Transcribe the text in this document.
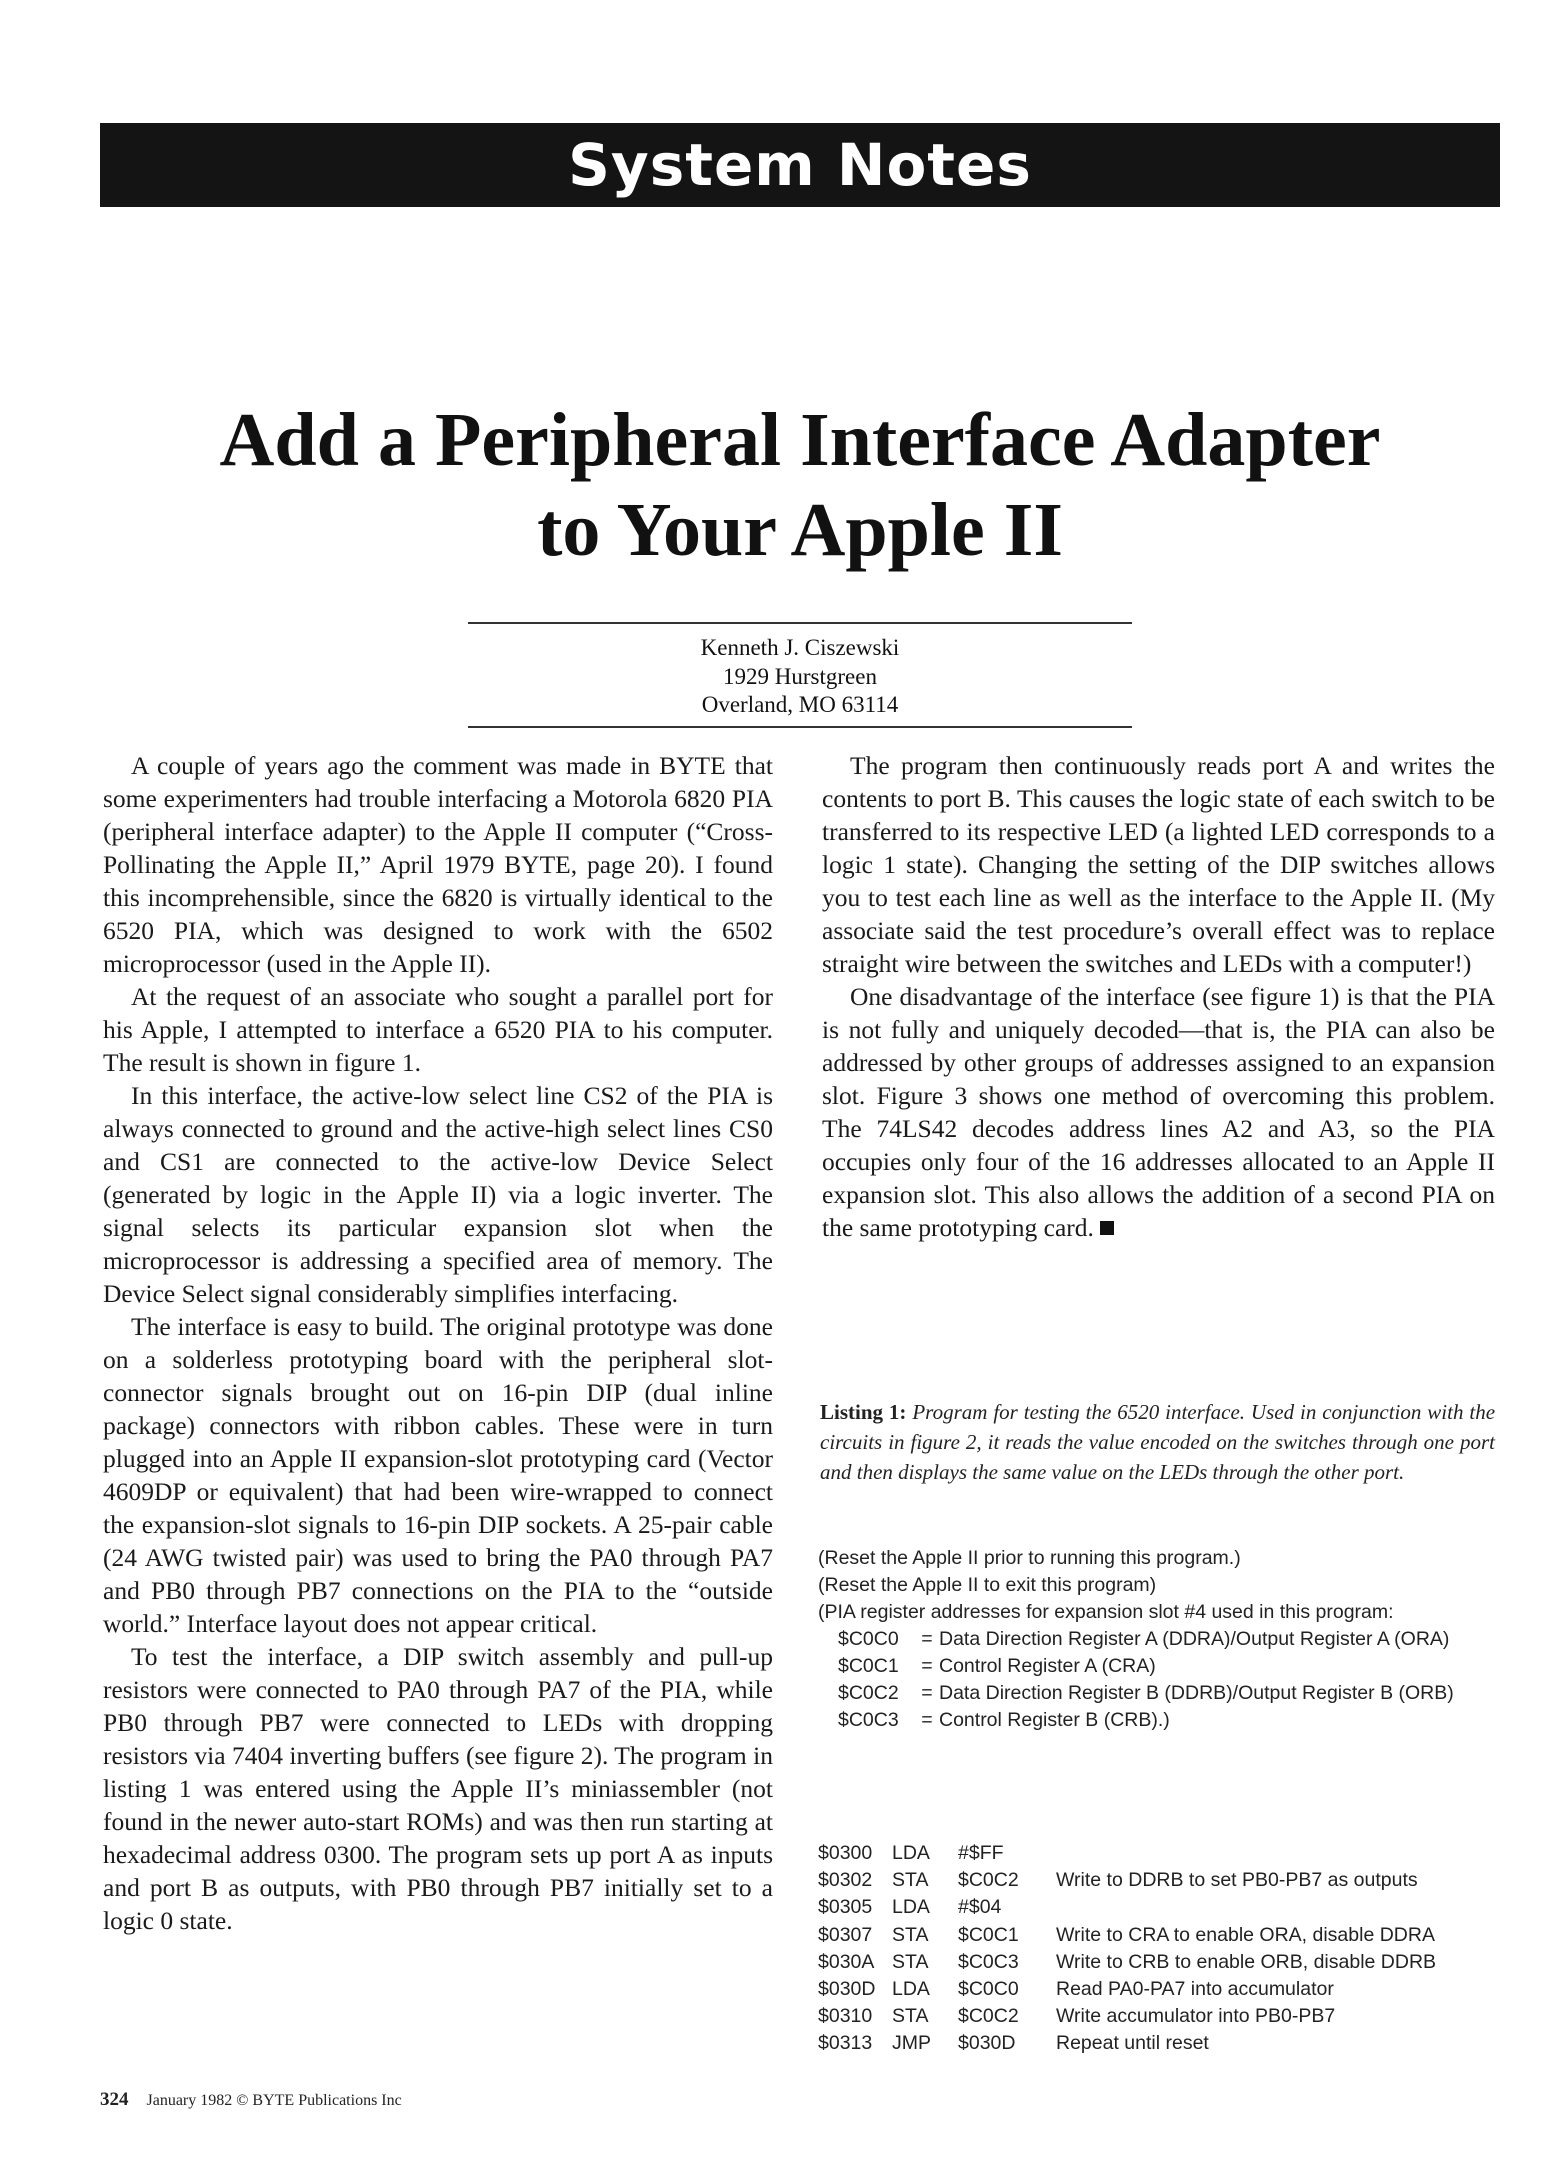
System Notes
Add a Peripheral Interface Adapter
to Your Apple II
Kenneth J. Ciszewski
1929 Hurstgreen
Overland, MO 63114

A couple of years ago the comment was made in BYTE that some experimenters had trouble interfacing a Motorola 6820 PIA (peripheral interface adapter) to the Apple II computer (“Cross-Pollinating the Apple II,” April 1979 BYTE, page 20). I found this incomprehensible, since the 6820 is virtually identical to the 6520 PIA, which was designed to work with the 6502 microprocessor (used in the Apple II).

At the request of an associate who sought a parallel port for his Apple, I attempted to interface a 6520 PIA to his computer. The result is shown in figure 1.

In this interface, the active-low select line CS2 of the PIA is always connected to ground and the active-high select lines CS0 and CS1 are connected to the active-low Device Select (generated by logic in the Apple II) via a logic inverter. The signal selects its particular expansion slot when the microprocessor is addressing a specified area of memory. The Device Select signal considerably simplifies interfacing.

The interface is easy to build. The original prototype was done on a solderless prototyping board with the peripheral slot-connector signals brought out on 16-pin DIP (dual inline package) connectors with ribbon cables. These were in turn plugged into an Apple II expansion-slot prototyping card (Vector 4609DP or equivalent) that had been wire-wrapped to connect the expansion-slot signals to 16-pin DIP sockets. A 25-pair cable (24 AWG twisted pair) was used to bring the PA0 through PA7 and PB0 through PB7 connections on the PIA to the “outside world.” Interface layout does not appear critical.

To test the interface, a DIP switch assembly and pull-up resistors were connected to PA0 through PA7 of the PIA, while PB0 through PB7 were connected to LEDs with dropping resistors via 7404 inverting buffers (see figure 2). The program in listing 1 was entered using the Apple II’s miniassembler (not found in the newer auto-start ROMs) and was then run starting at hexadecimal address 0300. The program sets up port A as inputs and port B as outputs, with PB0 through PB7 initially set to a logic 0 state.

The program then continuously reads port A and writes the contents to port B. This causes the logic state of each switch to be transferred to its respective LED (a lighted LED corresponds to a logic 1 state). Changing the setting of the DIP switches allows you to test each line as well as the interface to the Apple II. (My associate said the test procedure’s overall effect was to replace straight wire between the switches and LEDs with a computer!)

One disadvantage of the interface (see figure 1) is that the PIA is not fully and uniquely decoded—that is, the PIA can also be addressed by other groups of addresses assigned to an expansion slot. Figure 3 shows one method of overcoming this problem. The 74LS42 decodes address lines A2 and A3, so the PIA occupies only four of the 16 addresses allocated to an Apple II expansion slot. This also allows the addition of a second PIA on the same prototyping card.

Listing 1: Program for testing the 6520 interface. Used in conjunction with the circuits in figure 2, it reads the value encoded on the switches through one port and then displays the same value on the LEDs through the other port.
(Reset the Apple II prior to running this program.)
(Reset the Apple II to exit this program)
(PIA register addresses for expansion slot #4 used in this program:
$C0C0	= Data Direction Register A (DDRA)/Output Register A (ORA)
$C0C1	= Control Register A (CRA)
$C0C2	= Data Direction Register B (DDRB)/Output Register B (ORB)
$C0C3	= Control Register B (CRB).)
$0300	LDA	#$FF
$0302	STA	$C0C2	Write to DDRB to set PB0-PB7 as outputs
$0305	LDA	#$04
$0307	STA	$C0C1	Write to CRA to enable ORA, disable DDRA
$030A STA	$C0C3	Write to CRB to enable ORB, disable DDRB
$030D LDA	$C0C0	Read PA0-PA7 into accumulator
$0310	STA	$C0C2	Write accumulator into PB0-PB7
$0313	JMP	$030D	Repeat until reset
324 January 1982 © BYTE Publications Inc
